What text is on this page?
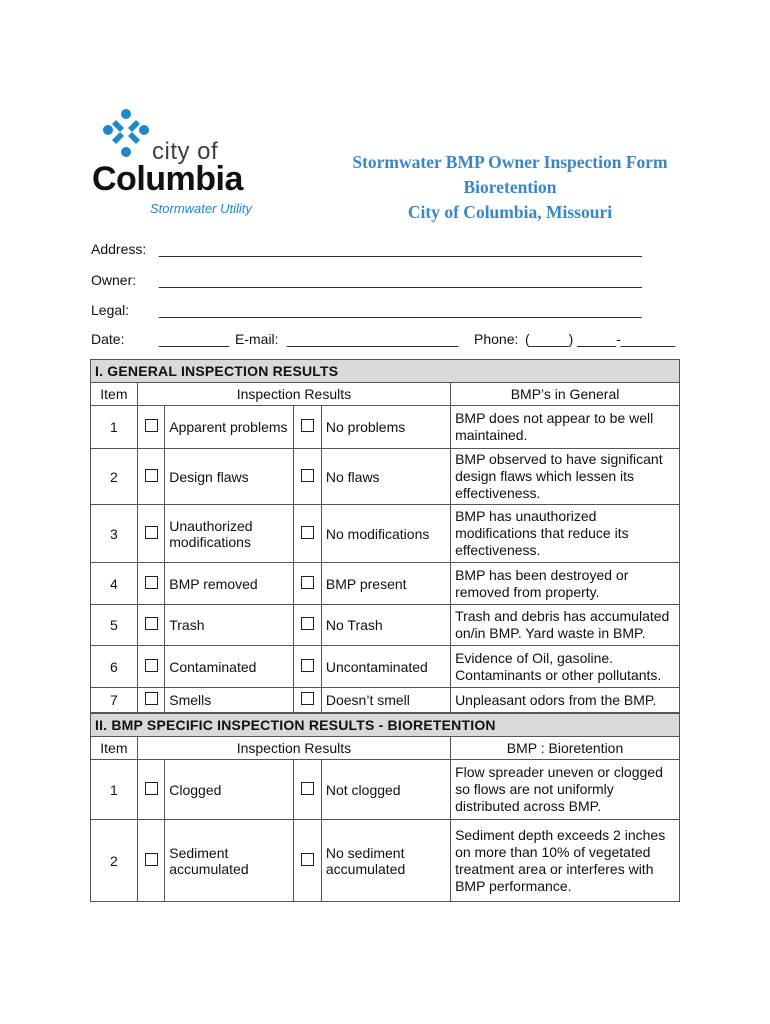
city of
Columbia
Stormwater Utility
Stormwater BMP Owner Inspection Form
Bioretention
City of Columbia, Missouri
Address: ______________________________________________________________
Owner: ______________________________________________________________
Legal: ______________________________________________________________
Date: _________ E-mail: ______________________ Phone: (_____) _____-_______
I. GENERAL INSPECTION RESULTS					
Item	Inspection Results				BMP’s in General
1		Apparent problems		No problems	BMP does not appear to be well maintained.
2		Design flaws		No flaws	BMP observed to have significant design flaws which lessen its effectiveness.
3		Unauthorized modifications		No modifications	BMP has unauthorized modifications that reduce its effectiveness.
4		BMP removed		BMP present	BMP has been destroyed or removed from property.
5		Trash		No Trash	Trash and debris has accumulated on/in BMP. Yard waste in BMP.
6		Contaminated		Uncontaminated	Evidence of Oil, gasoline. Contaminants or other pollutants.
7		Smells		Doesn’t smell	Unpleasant odors from the BMP.
II. BMP SPECIFIC INSPECTION RESULTS - BIORETENTION					
Item	Inspection Results				BMP : Bioretention
1		Clogged		Not clogged	Flow spreader uneven or clogged so flows are not uniformly distributed across BMP.
2		Sediment accumulated		No sediment accumulated	Sediment depth exceeds 2 inches on more than 10% of vegetated treatment area or interferes with BMP performance.
